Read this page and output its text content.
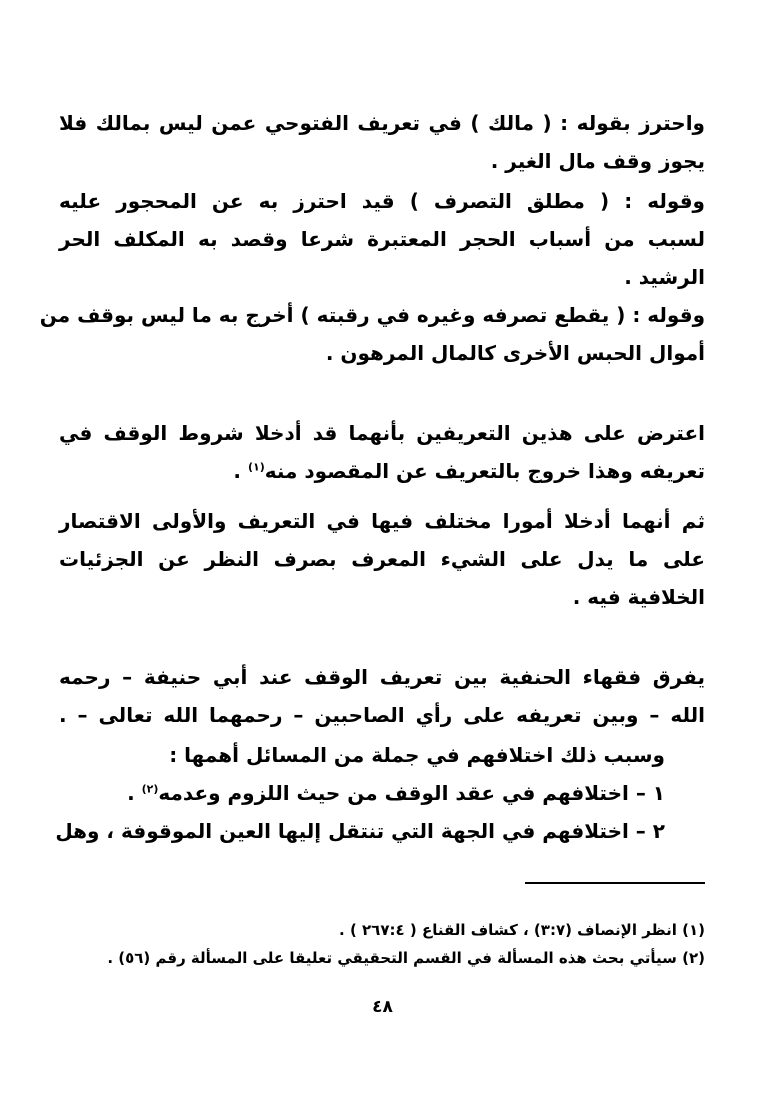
واحترز بقوله : ( مالك ) في تعريف الفتوحي عمن ليس بمالك فلا
يجوز وقف مال الغير .
وقوله : ( مطلق التصرف ) قيد احترز به عن المحجور عليه
لسبب من أسباب الحجر المعتبرة شرعا وقصد به المكلف الحر
الرشيد .
وقوله : ( يقطع تصرفه وغيره في رقبته ) أخرج به ما ليس بوقف من
أموال الحبس الأخرى كالمال المرهون .
اعترض على هذين التعريفين بأنهما قد أدخلا شروط الوقف في
تعريفه وهذا خروج بالتعريف عن المقصود منه$^{(١)}$ .
ثم أنهما أدخلا أمورا مختلف فيها في التعريف والأولى الاقتصار
على ما يدل على الشيء المعرف بصرف النظر عن الجزئيات
الخلافية فيه .
يفرق فقهاء الحنفية بين تعريف الوقف عند أبي حنيفة – رحمه
الله – وبين تعريفه على رأي الصاحبين – رحمهما الله تعالى – .
وسبب ذلك اختلافهم في جملة من المسائل أهمها :
١ – اختلافهم في عقد الوقف من حيث اللزوم وعدمه$^{(٢)}$ .
٢ – اختلافهم في الجهة التي تنتقل إليها العين الموقوفة ، وهل
(١) انظر الإنصاف (٣:٧) ، كشاف القناع ( ٢٦٧:٤ ) .
(٢) سيأتي بحث هذه المسألة في القسم التحقيقي تعليقا على المسألة رقم (٥٦) .
٤٨
